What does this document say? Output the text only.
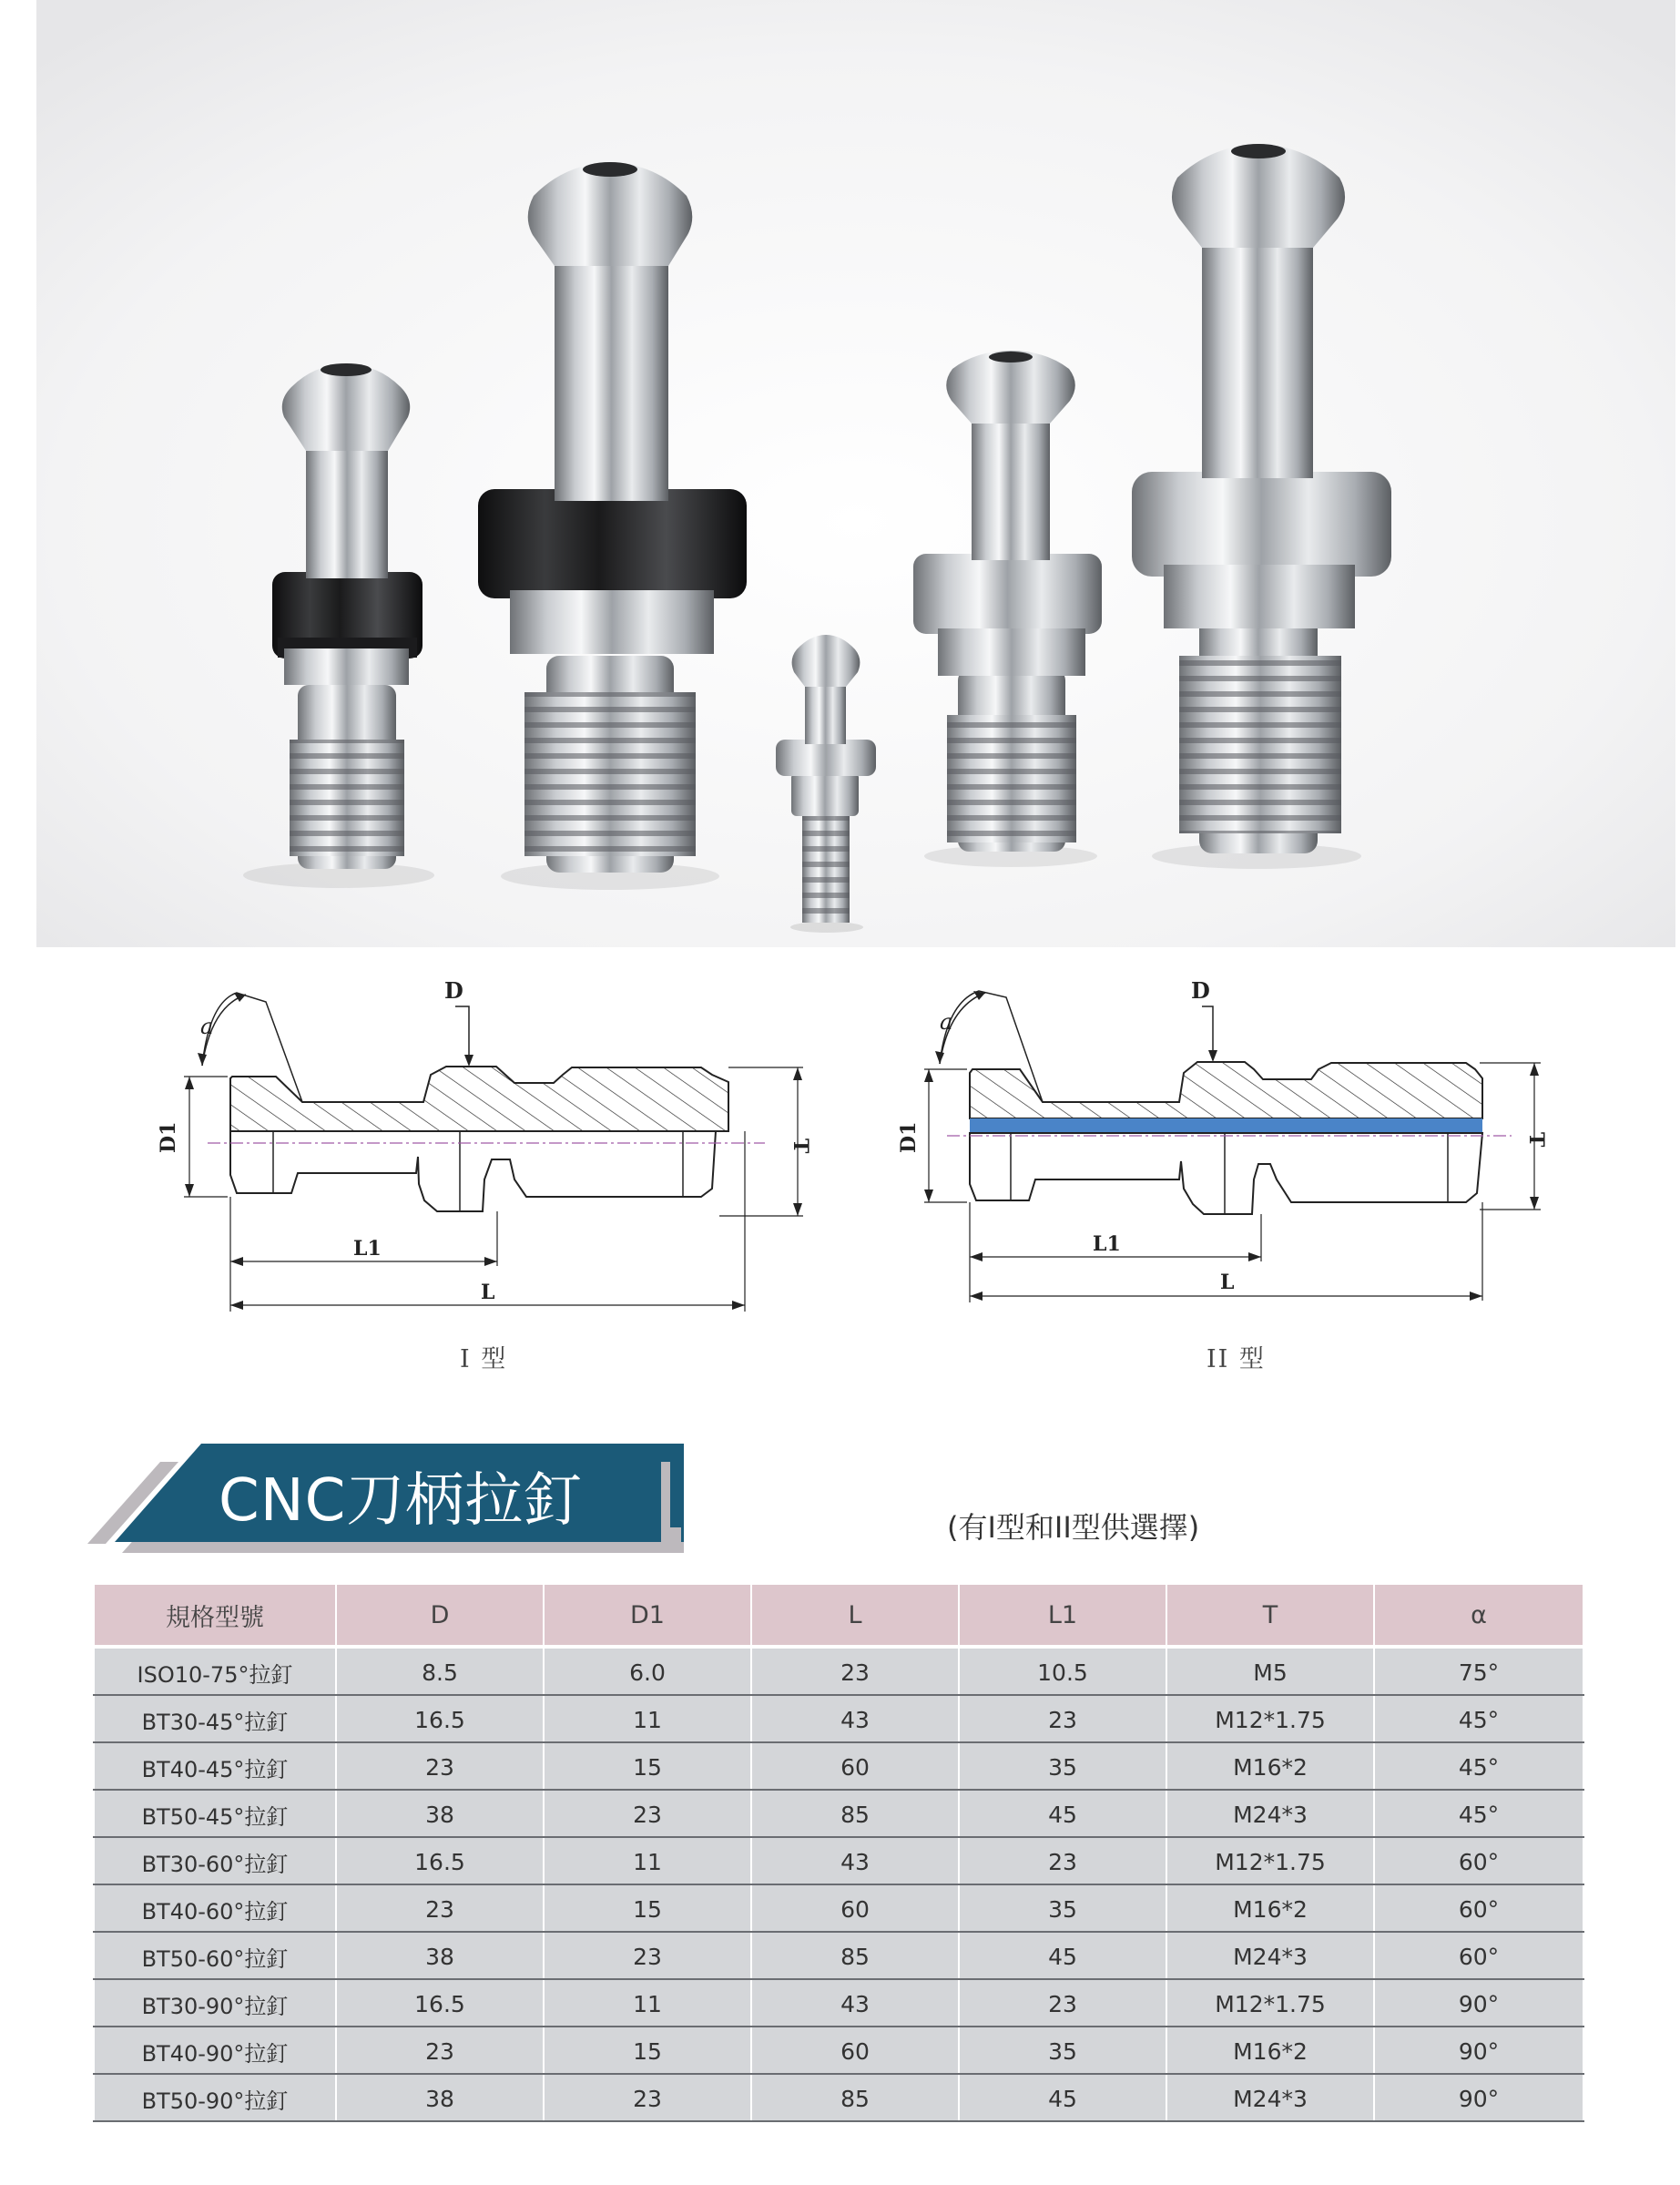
a
D
D1	T
L1
L
I 型
a
D
D1	T
L1
L
II 型
CNC刀柄拉釘	(有I型和II型供選擇)
規格型號	D	D1	L	L1	T	α
ISO10-75°拉釘	8.5	6.0	23	10.5	M5	75°
BT30-45°拉釘	16.5	11	43	23	M12*1.75	45°
BT40-45°拉釘	23	15	60	35	M16*2	45°
BT50-45°拉釘	38	23	85	45	M24*3	45°
BT30-60°拉釘	16.5	11	43	23	M12*1.75	60°
BT40-60°拉釘	23	15	60	35	M16*2	60°
BT50-60°拉釘	38	23	85	45	M24*3	60°
BT30-90°拉釘	16.5	11	43	23	M12*1.75	90°
BT40-90°拉釘	23	15	60	35	M16*2	90°
BT50-90°拉釘	38	23	85	45	M24*3	90°
